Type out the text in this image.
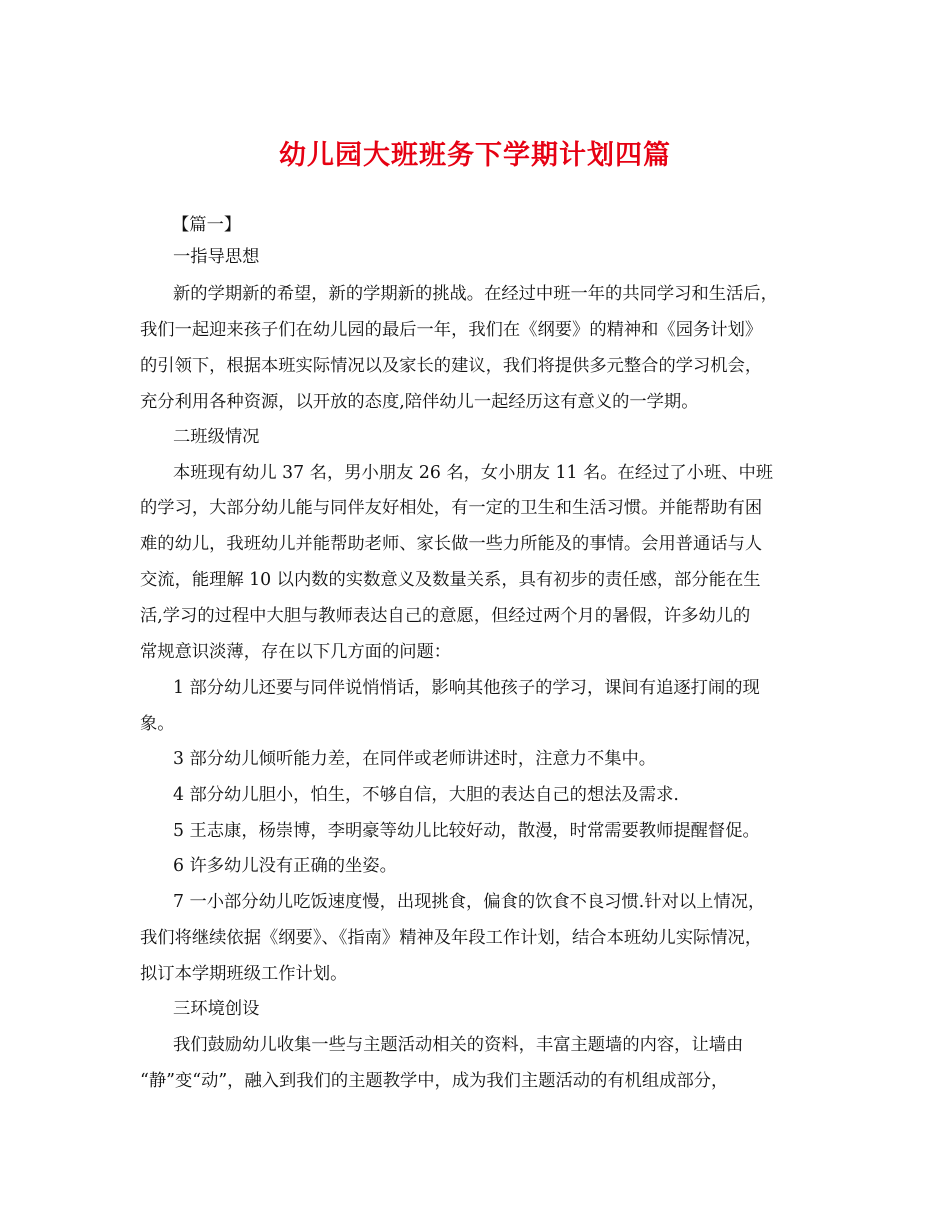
幼儿园大班班务下学期计划四篇
【篇一】
一指导思想
新的学期新的希望，新的学期新的挑战。在经过中班一年的共同学习和生活后，
我们一起迎来孩子们在幼儿园的最后一年，我们在《纲要》的精神和《园务计划》
的引领下，根据本班实际情况以及家长的建议，我们将提供多元整合的学习机会，
充分利用各种资源，以开放的态度,陪伴幼儿一起经历这有意义的一学期。
二班级情况
本班现有幼儿 37 名，男小朋友 26 名，女小朋友 11 名。在经过了小班、中班
的学习，大部分幼儿能与同伴友好相处，有一定的卫生和生活习惯。并能帮助有困
难的幼儿，我班幼儿并能帮助老师、家长做一些力所能及的事情。会用普通话与人
交流，能理解 10 以内数的实数意义及数量关系，具有初步的责任感，部分能在生
活,学习的过程中大胆与教师表达自己的意愿，但经过两个月的暑假，许多幼儿的
常规意识淡薄，存在以下几方面的问题：
1 部分幼儿还要与同伴说悄悄话，影响其他孩子的学习，课间有追逐打闹的现
象。
3 部分幼儿倾听能力差，在同伴或老师讲述时，注意力不集中。
4 部分幼儿胆小，怕生，不够自信，大胆的表达自己的想法及需求.
5 王志康，杨崇博，李明豪等幼儿比较好动，散漫，时常需要教师提醒督促。
6 许多幼儿没有正确的坐姿。
7 一小部分幼儿吃饭速度慢，出现挑食，偏食的饮食不良习惯.针对以上情况，
我们将继续依据《纲要》、《指南》精神及年段工作计划，结合本班幼儿实际情况，
拟订本学期班级工作计划。
三环境创设
我们鼓励幼儿收集一些与主题活动相关的资料，丰富主题墙的内容，让墙由
“静”变“动”，融入到我们的主题教学中，成为我们主题活动的有机组成部分，
